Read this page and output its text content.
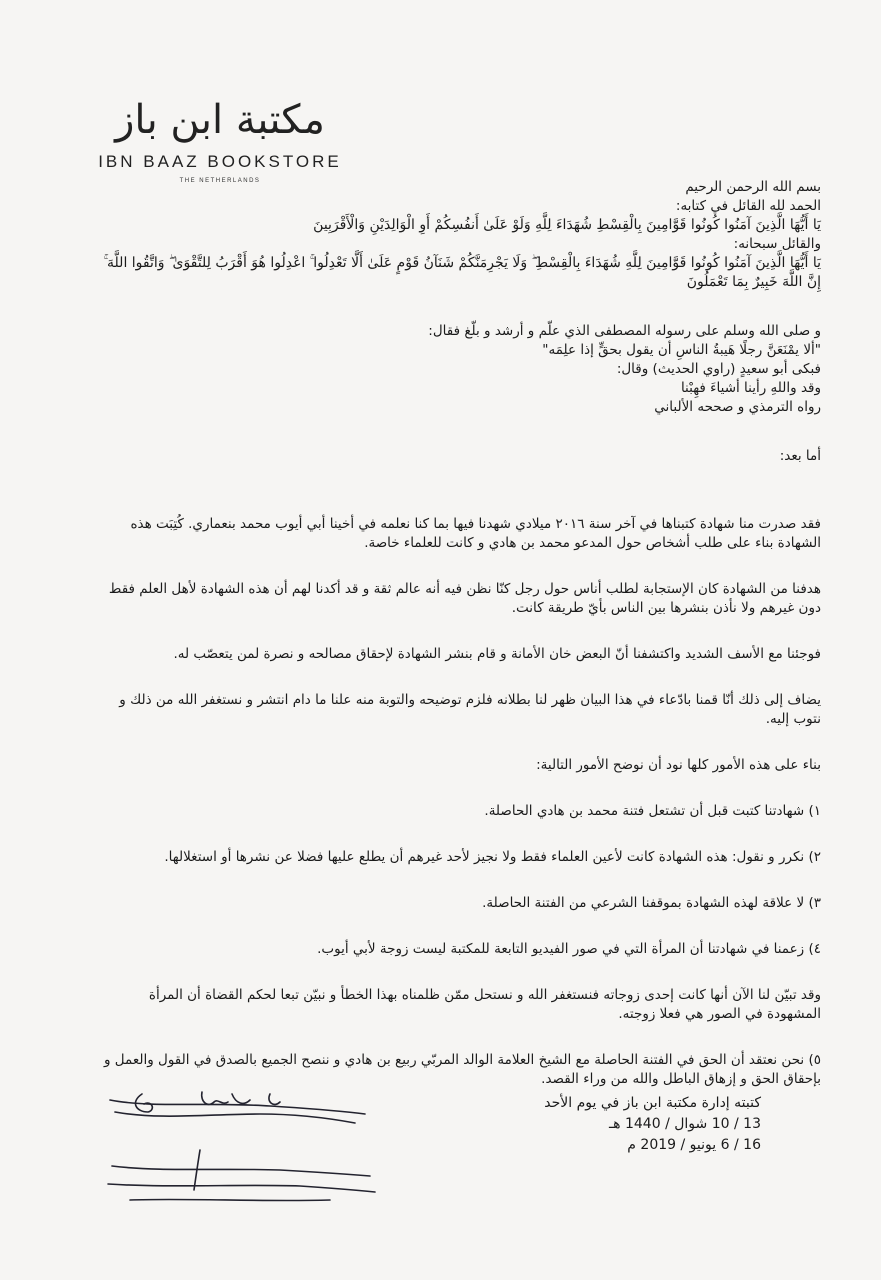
مكتبة ابن باز
IBN BAAZ BOOKSTORE
THE NETHERLANDS	بسم الله الرحمن الرحيم

الحمد لله القائل في كتابه:

يَا أَيُّهَا الَّذِينَ آمَنُوا كُونُوا قَوَّامِينَ بِالْقِسْطِ شُهَدَاءَ لِلَّهِ وَلَوْ عَلَىٰ أَنفُسِكُمْ أَوِ الْوَالِدَيْنِ وَالْأَقْرَبِينَ

والقائل سبحانه:

يَا أَيُّهَا الَّذِينَ آمَنُوا كُونُوا قَوَّامِينَ لِلَّهِ شُهَدَاءَ بِالْقِسْطِ ۖ وَلَا يَجْرِمَنَّكُمْ شَنَآنُ قَوْمٍ عَلَىٰ أَلَّا تَعْدِلُوا ۚ اعْدِلُوا هُوَ أَقْرَبُ لِلتَّقْوَىٰ ۖ وَاتَّقُوا اللَّهَ ۚ إِنَّ اللَّهَ خَبِيرٌ بِمَا تَعْمَلُونَ

و صلى الله وسلم على رسوله المصطفى الذي علّم و أرشد و بلّغ فقال:

"ألا يمْنَعَنَّ رجلًا هَيبةُ الناسِ أن يقول بحقٍّ إذا علِمَه"

فبكى أبو سعيدٍ (راوي الحديث) وقال:

وقد واللهِ رأينا أشياءَ فهِبْنا

رواه الترمذي و صححه الألباني

أما بعد:

فقد صدرت منا شهادة كتبناها في آخر سنة ٢٠١٦ ميلادي شهدنا فيها بما كنا نعلمه في أخينا أبي أيوب محمد بنعماري. كُتِبَت هذه الشهادة بناء على طلب أشخاص حول المدعو محمد بن هادي و كانت للعلماء خاصة.

هدفنا من الشهادة كان الإستجابة لطلب أناس حول رجل كنّا نظن فيه أنه عالم ثقة و قد أكدنا لهم أن هذه الشهادة لأهل العلم فقط دون غيرهم ولا نأذن بنشرها بين الناس بأيّ طريقة كانت.

فوجئنا مع الأسف الشديد واكتشفنا أنّ البعض خان الأمانة و قام بنشر الشهادة لإحقاق مصالحه و نصرة لمن يتعصّب له.

يضاف إلى ذلك أنّا قمنا بادّعاء في هذا البيان ظهر لنا بطلانه فلزم توضيحه والتوبة منه علنا ما دام انتشر و نستغفر الله من ذلك و نتوب إليه.

بناء على هذه الأمور كلها نود أن نوضح الأمور التالية:

١) شهادتنا كتبت قبل أن تشتعل فتنة محمد بن هادي الحاصلة.

٢) نكرر و نقول: هذه الشهادة كانت لأعين العلماء فقط ولا نجيز لأحد غيرهم أن يطلع عليها فضلا عن نشرها أو استغلالها.

٣) لا علاقة لهذه الشهادة بموقفنا الشرعي من الفتنة الحاصلة.

٤) زعمنا في شهادتنا أن المرأة التي في صور الفيديو التابعة للمكتبة ليست زوجة لأبي أيوب.

وقد تبيّن لنا الآن أنها كانت إحدى زوجاته فنستغفر الله و نستحل ممّن ظلمناه بهذا الخطأ و نبيّن تبعا لحكم القضاة أن المرأة المشهودة في الصور هي فعلا زوجته.

٥) نحن نعتقد أن الحق في الفتنة الحاصلة مع الشيخ العلامة الوالد المربّي ربيع بن هادي و ننصح الجميع بالصدق في القول والعمل و بإحقاق الحق و إزهاق الباطل والله من وراء القصد.

كتبته إدارة مكتبة ابن باز في يوم الأحد

13 / 10 شوال / 1440 هـ

16 / 6 يونيو / 2019 م
